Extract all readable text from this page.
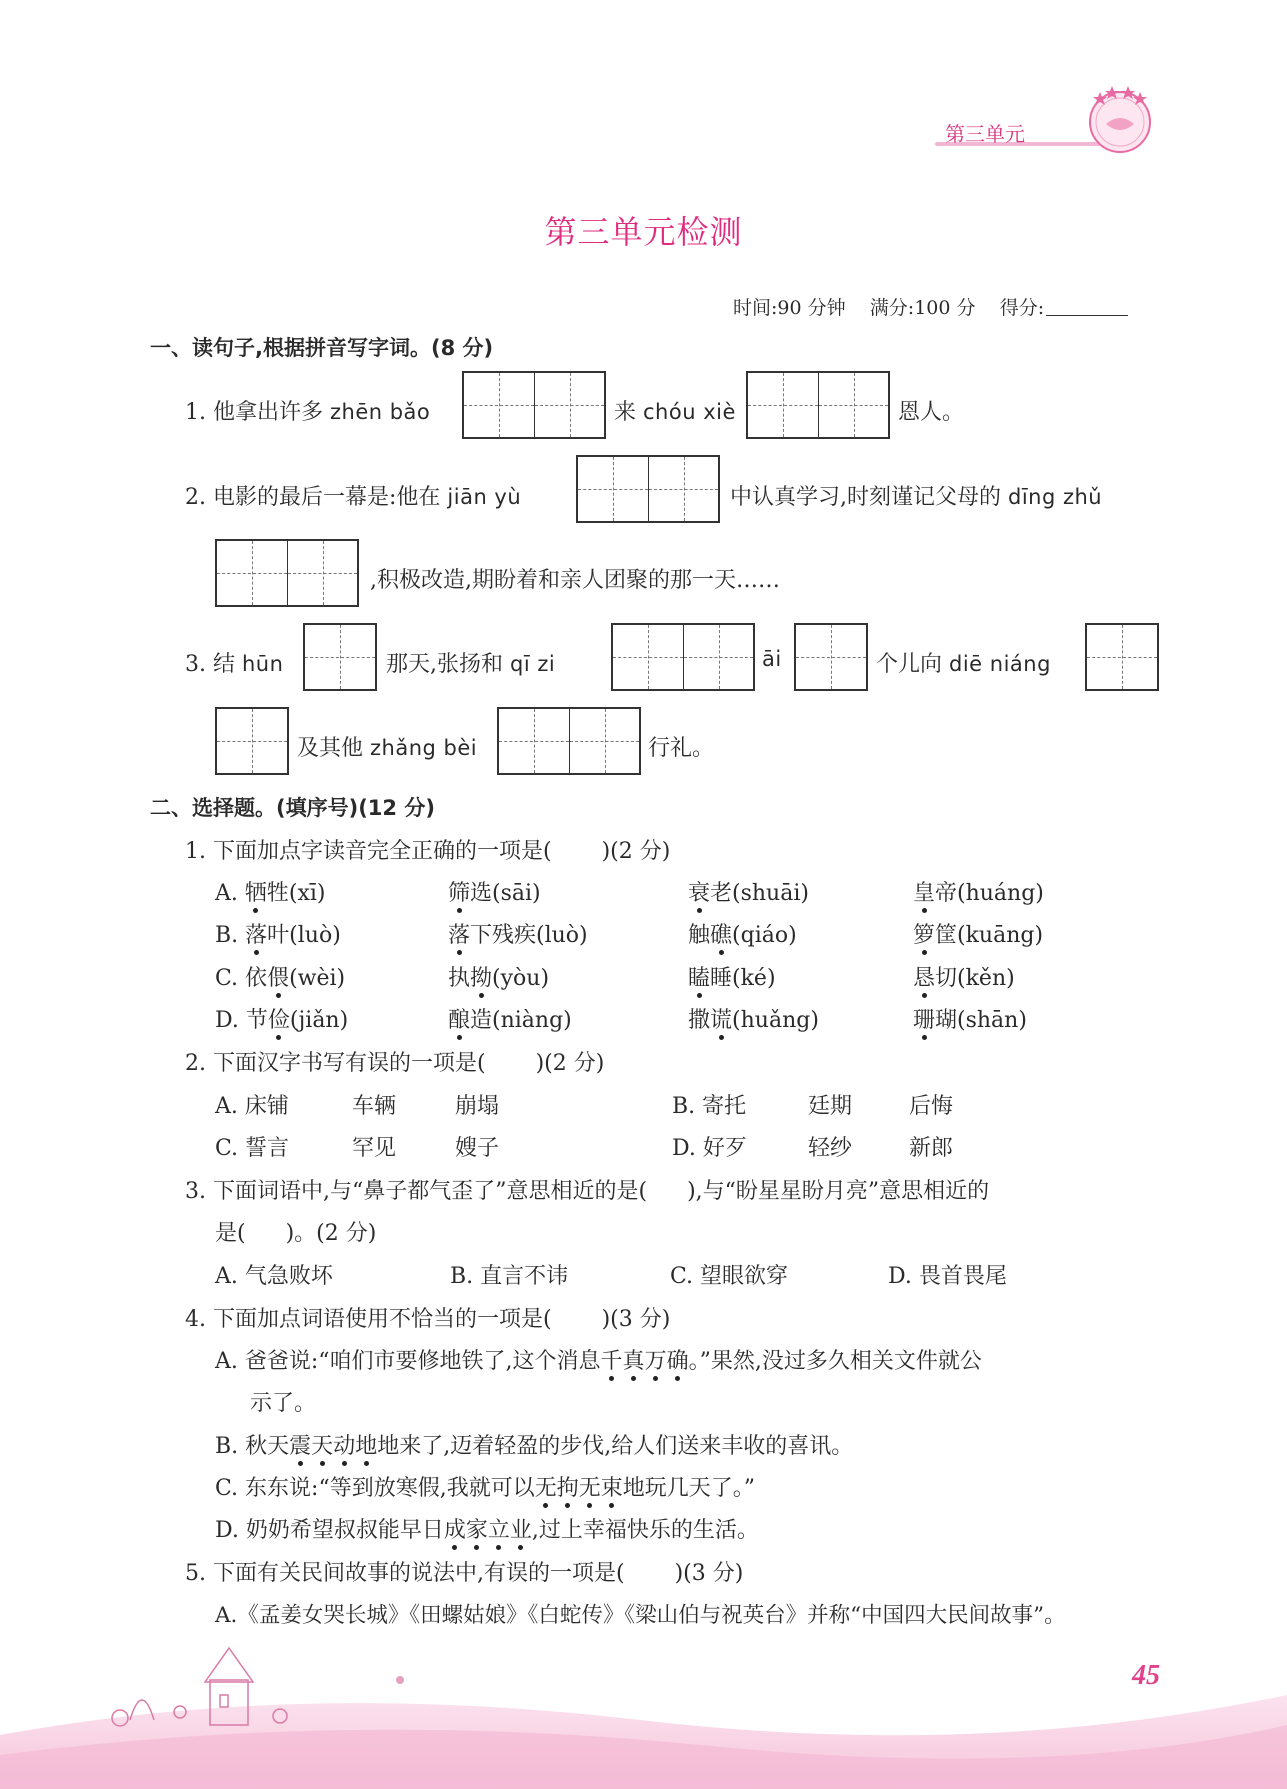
第三单元
第三单元检测
时间:90 分钟 满分:100 分 得分:
一、读句子,根据拼音写字词。(8 分)
1. 他拿出许多 zhēn bǎo	来 chóu xiè	恩人。
2. 电影的最后一幕是:他在 jiān yù	中认真学习,时刻谨记父母的 dīng zhǔ
,积极改造,期盼着和亲人团聚的那一天……
3. 结 hūn	那天,张扬和 qī zi	āi	个儿向 diē niáng
及其他 zhǎng bèi	行礼。
二、选择题。(填序号)(12 分)
1. 下面加点字读音完全正确的一项是( )(2 分)
A. 牺牲(xī)	筛选(sāi)	衰老(shuāi)	皇帝(huáng)
B. 落叶(luò)	落下残疾(luò)	触礁(qiáo)	箩筐(kuāng)
C. 依偎(wèi)	执拗(yòu)	瞌睡(ké)	恳切(kěn)
D. 节俭(jiǎn)	酿造(niàng)	撒谎(huǎng)	珊瑚(shān)
2. 下面汉字书写有误的一项是( )(2 分)
A. 床铺	车辆	崩塌	B. 寄托	廷期	后悔
C. 誓言	罕见	嫂子	D. 好歹	轻纱	新郎
3. 下面词语中,与“鼻子都气歪了”意思相近的是( ),与“盼星星盼月亮”意思相近的
是( )。(2 分)
A. 气急败坏	B. 直言不讳	C. 望眼欲穿	D. 畏首畏尾
4. 下面加点词语使用不恰当的一项是( )(3 分)
A. 爸爸说:“咱们市要修地铁了,这个消息千真万确。”果然,没过多久相关文件就公
示了。
B. 秋天震天动地地来了,迈着轻盈的步伐,给人们送来丰收的喜讯。
C. 东东说:“等到放寒假,我就可以无拘无束地玩几天了。”
D. 奶奶希望叔叔能早日成家立业,过上幸福快乐的生活。
5. 下面有关民间故事的说法中,有误的一项是( )(3 分)
A.《孟姜女哭长城》《田螺姑娘》《白蛇传》《梁山伯与祝英台》并称“中国四大民间故事”。
45
